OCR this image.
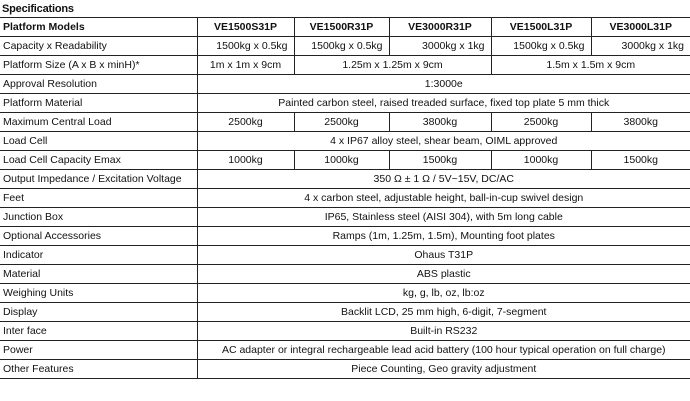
Specifications
Platform Models	VE1500S31P	VE1500R31P	VE3000R31P	VE1500L31P	VE3000L31P
Capacity x Readability	1500kg x 0.5kg	1500kg x 0.5kg	3000kg x 1kg	1500kg x 0.5kg	3000kg x 1kg
Platform Size (A x B x minH)*	1m x 1m x 9cm	1.25m x 1.25m x 9cm		1.5m x 1.5m x 9cm	
Approval Resolution	1:3000e				
Platform Material	Painted carbon steel, raised treaded surface, fixed top plate 5 mm thick				
Maximum Central Load	2500kg	2500kg	3800kg	2500kg	3800kg
Load Cell	4 x IP67 alloy steel, shear beam, OIML approved				
Load Cell Capacity Emax	1000kg	1000kg	1500kg	1000kg	1500kg
Output Impedance / Excitation Voltage	350 Ω ± 1 Ω / 5V~15V, DC/AC				
Feet	4 x carbon steel, adjustable height, ball-in-cup swivel design				
Junction Box	IP65, Stainless steel (AISI 304), with 5m long cable				
Optional Accessories	Ramps (1m, 1.25m, 1.5m), Mounting foot plates				
Indicator	Ohaus T31P				
Material	ABS plastic				
Weighing Units	kg, g, lb, oz, lb:oz				
Display	Backlit LCD, 25 mm high, 6-digit, 7-segment				
Inter face	Built-in RS232				
Power	AC adapter or integral rechargeable lead acid battery (100 hour typical operation on full charge)				
Other Features	Piece Counting, Geo gravity adjustment				
